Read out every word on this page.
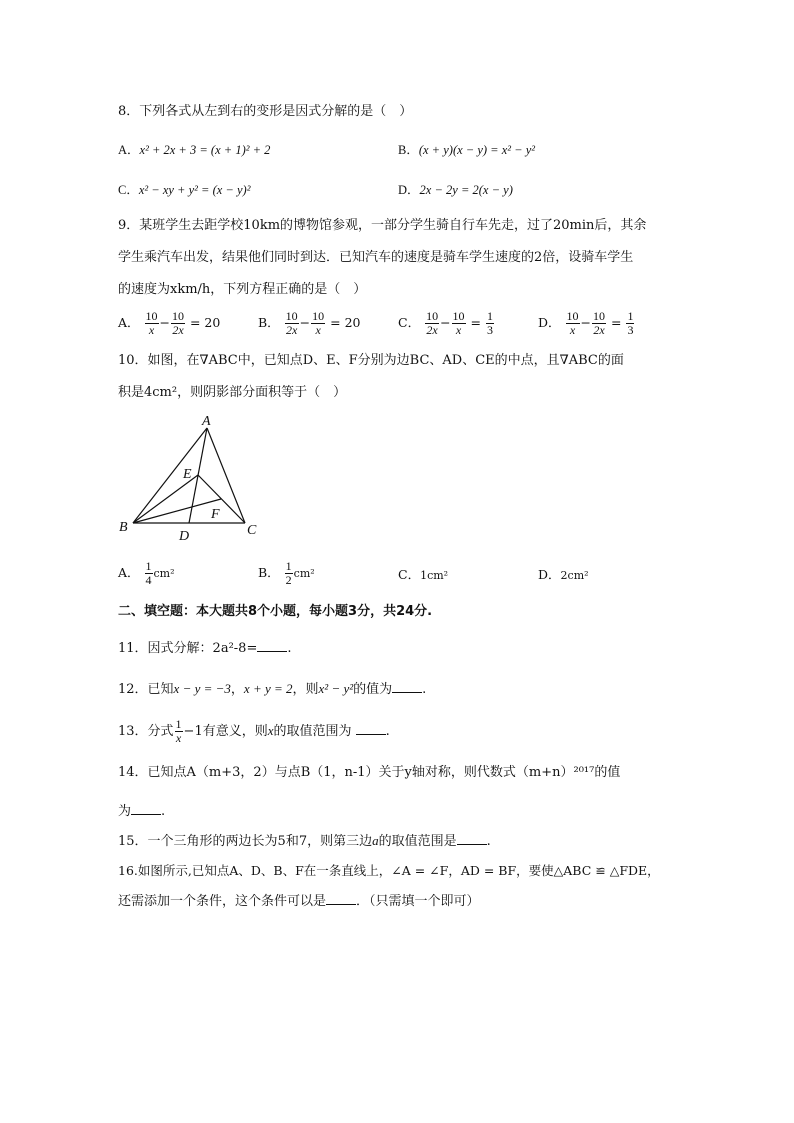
8．下列各式从左到右的变形是因式分解的是（　）
A．x² + 2x + 3 = (x + 1)² + 2	B．(x + y)(x − y) = x² − y²
C．x² − xy + y² = (x − y)²	D．2x − 2y = 2(x − y)
9．某班学生去距学校10km的博物馆参观，一部分学生骑自行车先走，过了20min后，其余
学生乘汽车出发，结果他们同时到达．已知汽车的速度是骑车学生速度的2倍，设骑车学生
的速度为xkm/h，下列方程正确的是（　）
A． $\frac{10}{x} - \frac{10}{2x} = 20$	B． $\frac{10}{2x} - \frac{10}{x} = 20$	C． $\frac{10}{2x} - \frac{10}{x} = \frac{1}{3}$	D． $\frac{10}{x} - \frac{10}{2x} = \frac{1}{3}$
10．如图，在∇ABC中，已知点D、E、F分别为边BC、AD、CE的中点，且∇ABC的面
积是4cm²，则阴影部分面积等于（　）
A
B	C
D
E
F
A． $\frac{1}{4} cm^2$	B． $\frac{1}{2} cm^2$	C．1cm²	D．2cm²
二、填空题：本大题共8个小题，每小题3分，共24分.
11．因式分解：2a²-8= .
12．已知x − y = −3，x + y = 2，则x² − y²的值为 .
13．分式 $\frac{1}{x} -1$有意义，则x的取值范围为 .
14．已知点A（m+3，2）与点B（1，n-1）关于y轴对称，则代数式（m+n）²⁰¹⁷的值
为 .
15．一个三角形的两边长为5和7，则第三边a的取值范围是 .
16.如图所示,已知点A、D、B、F在一条直线上，∠A = ∠F，AD = BF，要使△ABC ≌ △FDE，
还需添加一个条件，这个条件可以是 ．（只需填一个即可）
